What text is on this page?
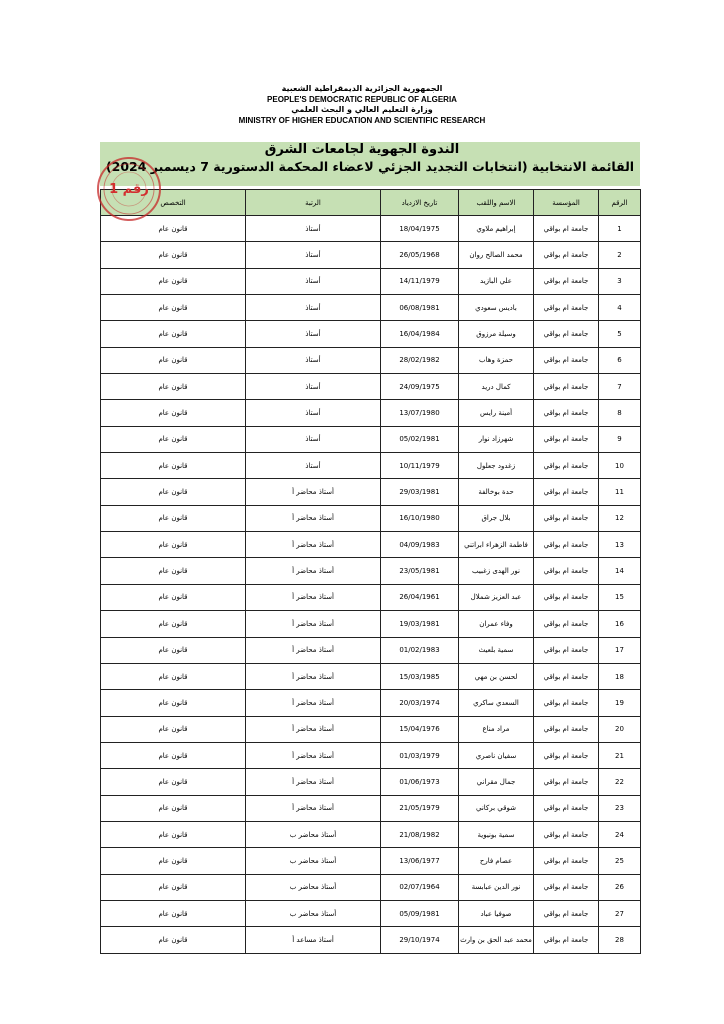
الجمهورية الجزائرية الديمقراطية الشعبية
PEOPLE'S DEMOCRATIC REPUBLIC OF ALGERIA
وزارة التعليم العالي و البحث العلمي
MINISTRY OF HIGHER EDUCATION AND SCIENTIFIC RESEARCH
الندوة الجهوية لجامعات الشرق
القائمة الانتخابية (انتخابات التجديد الجزئي لاعضاء المحكمة الدستورية 7 ديسمبر 2024)
الرقم	المؤسسة	الاسم واللقب	تاريخ الازدياد	الرتبة	التخصص
1	جامعة ام بواقي	إبراهيم ملاوي	18/04/1975	أستاذ	قانون عام
2	جامعة ام بواقي	محمد الصالح روان	26/05/1968	أستاذ	قانون عام
3	جامعة ام بواقي	علي البازيد	14/11/1979	أستاذ	قانون عام
4	جامعة ام بواقي	باديس سعودي	06/08/1981	أستاذ	قانون عام
5	جامعة ام بواقي	وسيلة مرزوق	16/04/1984	أستاذ	قانون عام
6	جامعة ام بواقي	حمزة وهاب	28/02/1982	أستاذ	قانون عام
7	جامعة ام بواقي	كمال دريد	24/09/1975	أستاذ	قانون عام
8	جامعة ام بواقي	أمينة رايس	13/07/1980	أستاذ	قانون عام
9	جامعة ام بواقي	شهرزاد نوار	05/02/1981	أستاذ	قانون عام
10	جامعة ام بواقي	زغدود جعلول	10/11/1979	أستاذ	قانون عام
11	جامعة ام بواقي	حدة بوخالفة	29/03/1981	أستاذ محاضر أ	قانون عام
12	جامعة ام بواقي	بلال جراق	16/10/1980	أستاذ محاضر أ	قانون عام
13	جامعة ام بواقي	فاطمة الزهراء ابراتني	04/09/1983	أستاذ محاضر أ	قانون عام
14	جامعة ام بواقي	نور الهدى زغبيب	23/05/1981	أستاذ محاضر أ	قانون عام
15	جامعة ام بواقي	عبد العزيز شملال	26/04/1961	أستاذ محاضر أ	قانون عام
16	جامعة ام بواقي	وفاء عمران	19/03/1981	أستاذ محاضر أ	قانون عام
17	جامعة ام بواقي	سمية بلعيث	01/02/1983	أستاذ محاضر أ	قانون عام
18	جامعة ام بواقي	لحسن بن مهي	15/03/1985	أستاذ محاضر أ	قانون عام
19	جامعة ام بواقي	السعدي ساكري	20/03/1974	أستاذ محاضر أ	قانون عام
20	جامعة ام بواقي	مراد مناع	15/04/1976	أستاذ محاضر أ	قانون عام
21	جامعة ام بواقي	سفيان ناصري	01/03/1979	أستاذ محاضر أ	قانون عام
22	جامعة ام بواقي	جمال مقراني	01/06/1973	أستاذ محاضر أ	قانون عام
23	جامعة ام بواقي	شوقي بركاني	21/05/1979	أستاذ محاضر أ	قانون عام
24	جامعة ام بواقي	سمية بونيوية	21/08/1982	أستاذ محاضر ب	قانون عام
25	جامعة ام بواقي	عصام فارح	13/06/1977	أستاذ محاضر ب	قانون عام
26	جامعة ام بواقي	نور الدين عبابسة	02/07/1964	أستاذ محاضر ب	قانون عام
27	جامعة ام بواقي	صوفيا عباد	05/09/1981	أستاذ محاضر ب	قانون عام
28	جامعة ام بواقي	محمد عبد الحق بن وارث	29/10/1974	أستاذ مساعد أ	قانون عام
رقم 1
